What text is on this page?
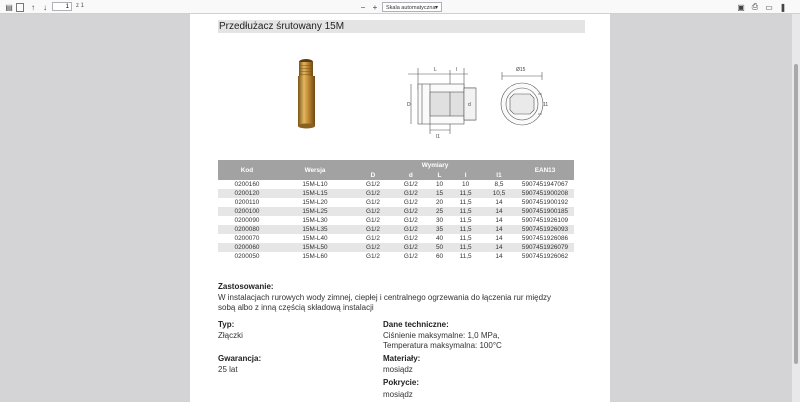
▤	↑	↓	1	z 1	− +	Skala automatyczna ▾	▣ ⎙ ▭ ❚
Przedłużacz śrutowany 15M
L	l
D	d
l1
Ø15
11
Kod	Wersja	Wymiary					EAN13
		D	d	L	l	l1	
0200160	15M-L10	G1/2	G1/2	10	10	8,5	5907451947067
0200120	15M-L15	G1/2	G1/2	15	11,5	10,5	5907451900208
0200110	15M-L20	G1/2	G1/2	20	11,5	14	5907451900192
0200100	15M-L25	G1/2	G1/2	25	11,5	14	5907451900185
0200090	15M-L30	G1/2	G1/2	30	11,5	14	5907451926109
0200080	15M-L35	G1/2	G1/2	35	11,5	14	5907451926093
0200070	15M-L40	G1/2	G1/2	40	11,5	14	5907451926086
0200060	15M-L50	G1/2	G1/2	50	11,5	14	5907451926079
0200050	15M-L60	G1/2	G1/2	60	11,5	14	5907451926062
Zastosowanie:
W instalacjach rurowych wody zimnej, ciepłej i centralnego ogrzewania do łączenia rur między
sobą albo z inną częścią składową instalacji
Typ:
Złączki
Gwarancja:
25 lat
Dane techniczne:
Ciśnienie maksymalne: 1,0 MPa,
Temperatura maksymalna: 100°C
Materiały:
mosiądz
Pokrycie:
mosiądz
